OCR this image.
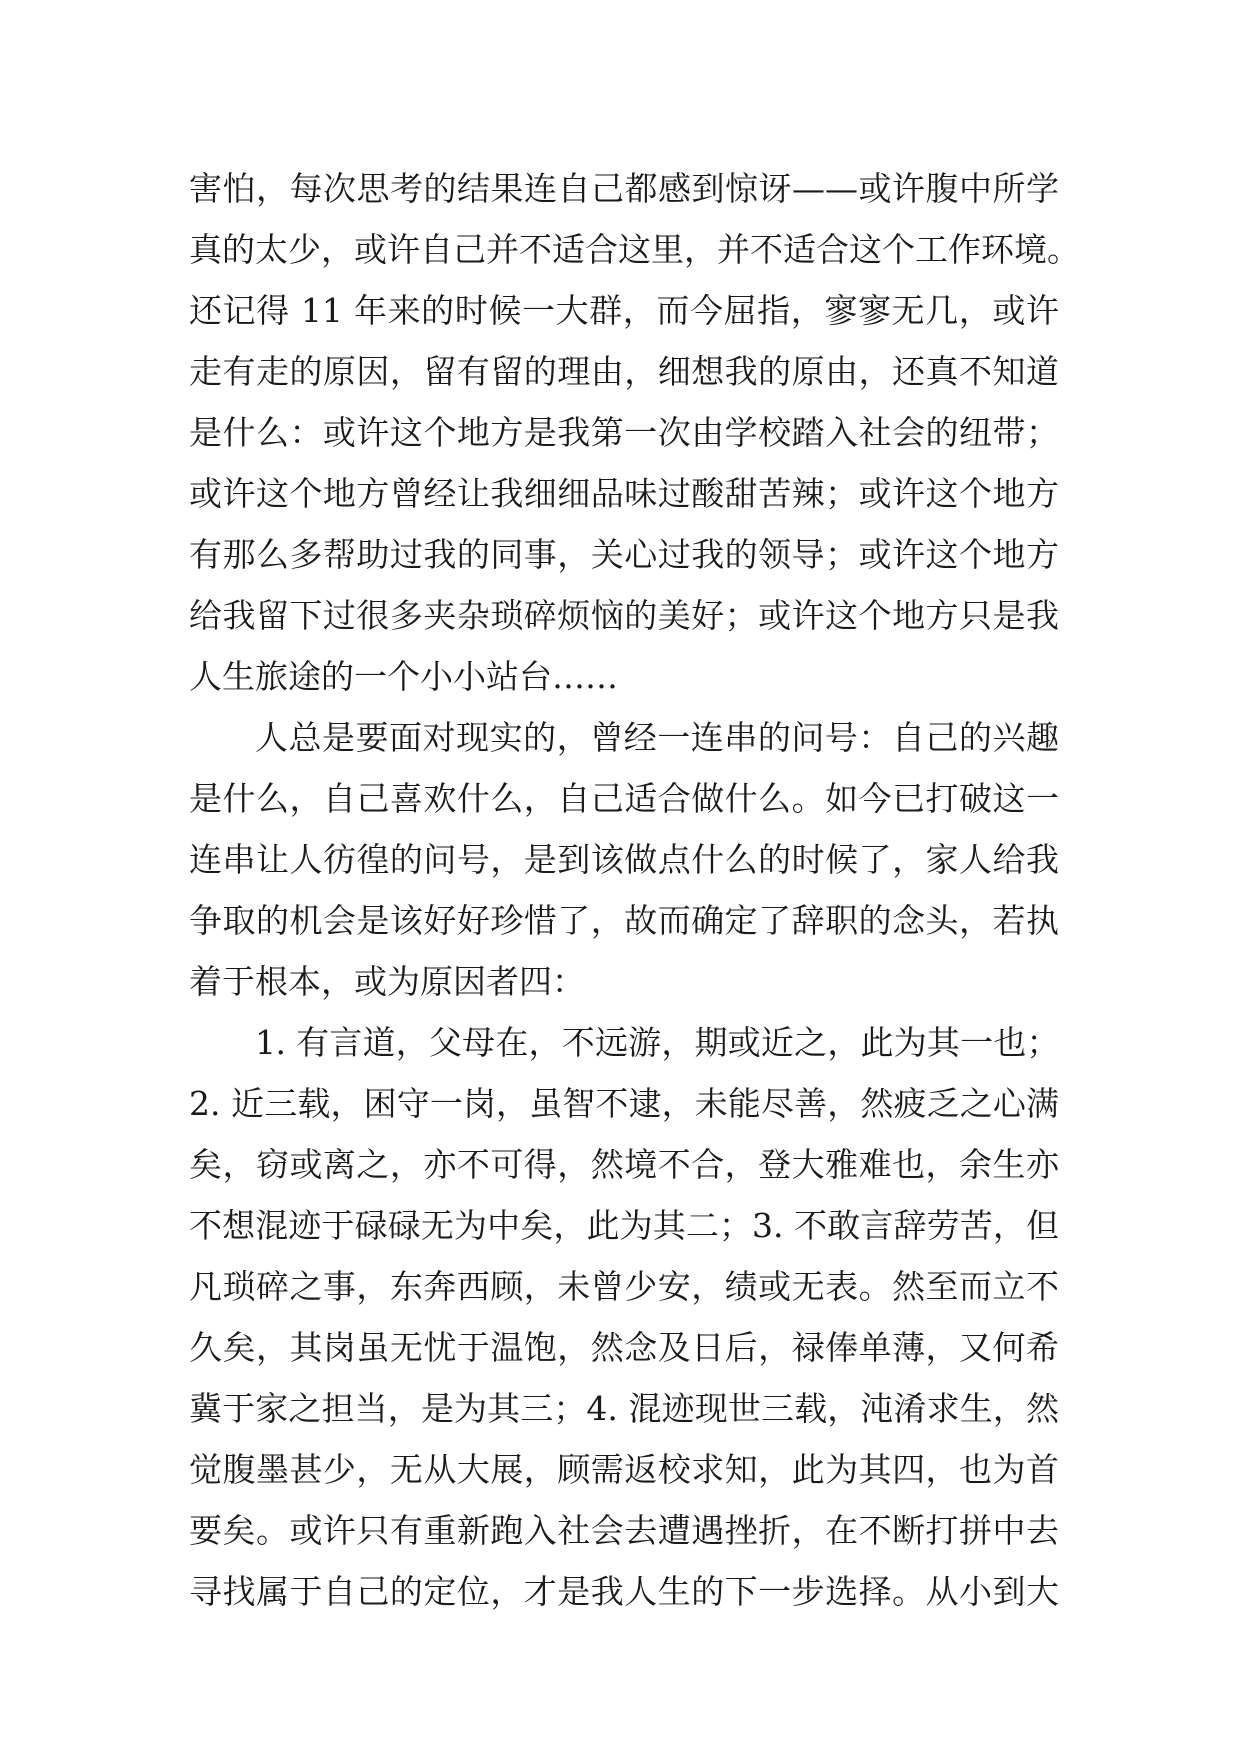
害怕，每次思考的结果连自己都感到惊讶——或许腹中所学
真的太少，或许自己并不适合这里，并不适合这个工作环境。
还记得 11 年来的时候一大群，而今屈指，寥寥无几，或许
走有走的原因，留有留的理由，细想我的原由，还真不知道
是什么：或许这个地方是我第一次由学校踏入社会的纽带；
或许这个地方曾经让我细细品味过酸甜苦辣；或许这个地方
有那么多帮助过我的同事，关心过我的领导；或许这个地方
给我留下过很多夹杂琐碎烦恼的美好；或许这个地方只是我
人生旅途的一个小小站台……
人总是要面对现实的，曾经一连串的问号：自己的兴趣
是什么，自己喜欢什么，自己适合做什么。如今已打破这一
连串让人彷徨的问号，是到该做点什么的时候了，家人给我
争取的机会是该好好珍惜了，故而确定了辞职的念头，若执
着于根本，或为原因者四：
1. 有言道，父母在，不远游，期或近之，此为其一也；
2. 近三载，困守一岗，虽智不逮，未能尽善，然疲乏之心满
矣，窃或离之，亦不可得，然境不合，登大雅难也，余生亦
不想混迹于碌碌无为中矣，此为其二；3. 不敢言辞劳苦，但
凡琐碎之事，东奔西顾，未曾少安，绩或无表。然至而立不
久矣，其岗虽无忧于温饱，然念及日后，禄俸单薄，又何希
冀于家之担当，是为其三；4. 混迹现世三载，沌淆求生，然
觉腹墨甚少，无从大展，顾需返校求知，此为其四，也为首
要矣。或许只有重新跑入社会去遭遇挫折，在不断打拼中去
寻找属于自己的定位，才是我人生的下一步选择。从小到大
